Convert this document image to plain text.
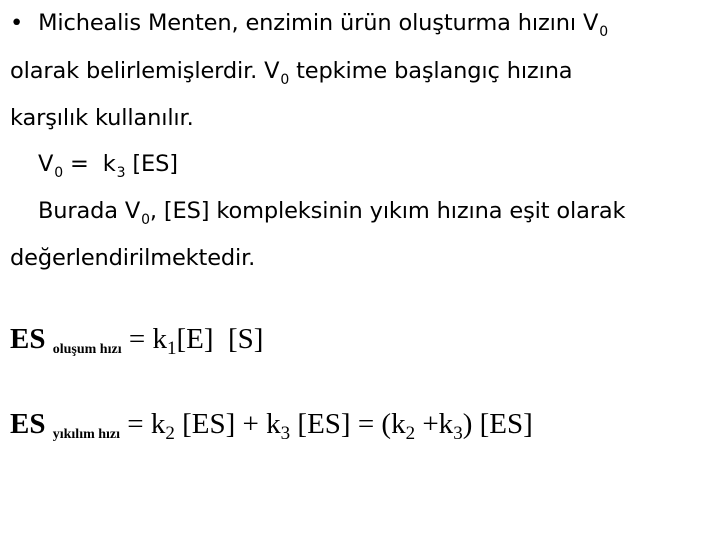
• Michealis Menten, enzimin ürün oluşturma hızını $V_0$
olarak belirlemişlerdir. $V_0$ tepkime başlangıç hızına
karşılık kullanılır.
$V_0 = k_3$ [ES]
Burada $V_0$, [ES] kompleksinin yıkım hızına eşit olarak
değerlendirilmektedir.
ES oluşum hızı = $k_1[E]$  [S]
ES yıkılım hızı = $k_2$ $[ES] + k_3$ $[ES] = (k_2 +k_3)$ [ES]
